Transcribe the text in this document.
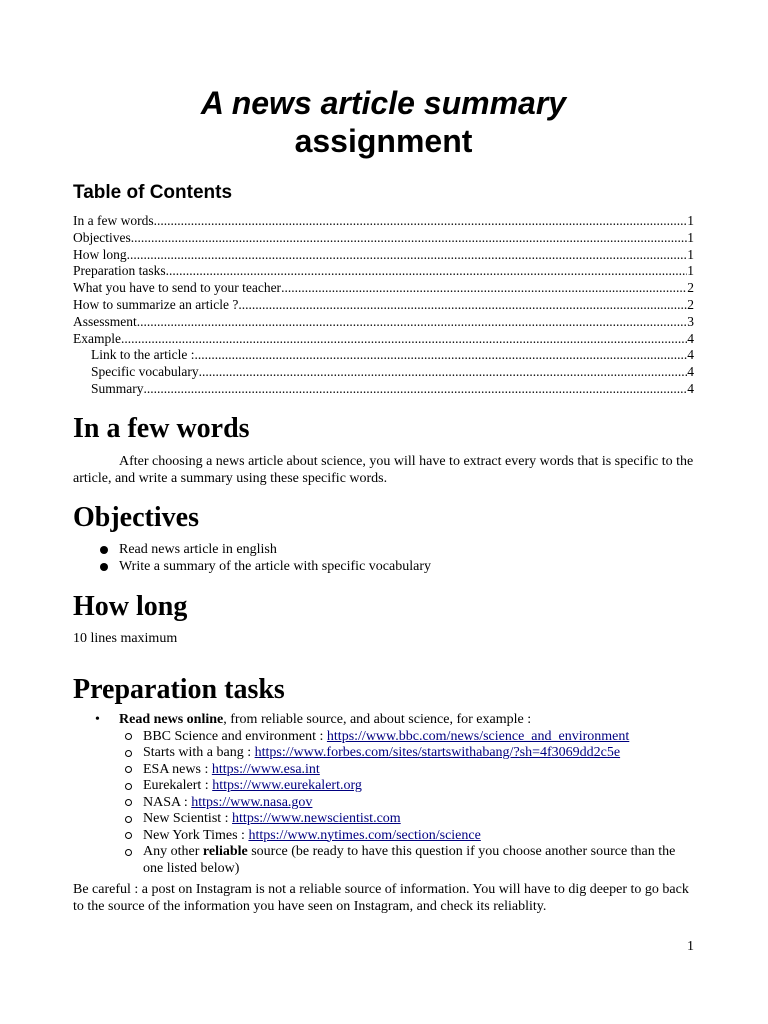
A news article summary
assignment
Table of Contents
In a few words .....	1
Objectives .....	1
How long .....	1
Preparation tasks .....	1
What you have to send to your teacher .....	2
How to summarize an article ? .....	2
Assessment .....	3
Example .....	4
Link to the article : .....	4
Specific vocabulary .....	4
Summary .....	4
In a few words

After choosing a news article about science, you will have to extract every words that is specific to the article, and write a summary using these specific words.

Objectives
Read news article in english
Write a summary of the article with specific vocabulary
How long

10 lines maximum

Preparation tasks
• Read news online, from reliable source, and about science, for example :
BBC Science and environment : https://www.bbc.com/news/science_and_environment
Starts with a bang : https://www.forbes.com/sites/startswithabang/?sh=4f3069dd2c5e
ESA news : https://www.esa.int
Eurekalert : https://www.eurekalert.org
NASA : https://www.nasa.gov
New Scientist : https://www.newscientist.com
New York Times : https://www.nytimes.com/section/science
Any other reliable source (be ready to have this question if you choose another source than the one listed below)

Be careful : a post on Instagram is not a reliable source of information. You will have to dig deeper to go back to the source of the information you have seen on Instagram, and check its reliablity.

1
